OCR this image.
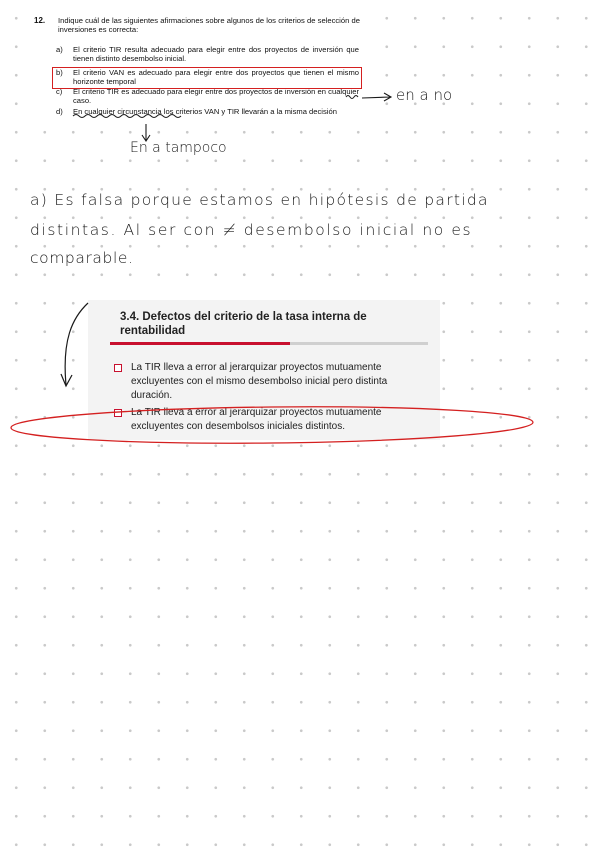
12. Indique cuál de las siguientes afirmaciones sobre algunos de los criterios de selección de inversiones es correcta:
a) El criterio TIR resulta adecuado para elegir entre dos proyectos de inversión que tienen distinto desembolso inicial.
b) El criterio VAN es adecuado para elegir entre dos proyectos que tienen el mismo horizonte temporal
c) El criterio TIR es adecuado para elegir entre dos proyectos de inversión en cualquier caso.
d) En cualquier circunstancia los criterios VAN y TIR llevarán a la misma decisión
en a no
En a tampoco
a) Es falsa porque estamos en hipótesis de partida
distintas. Al ser con ≠ desembolso inicial no es
comparable.
3.4. Defectos del criterio de la tasa interna de rentabilidad
La TIR lleva a error al jerarquizar proyectos mutuamente excluyentes con el mismo desembolso inicial pero distinta duración.
La TIR lleva a error al jerarquizar proyectos mutuamente excluyentes con desembolsos iniciales distintos.
